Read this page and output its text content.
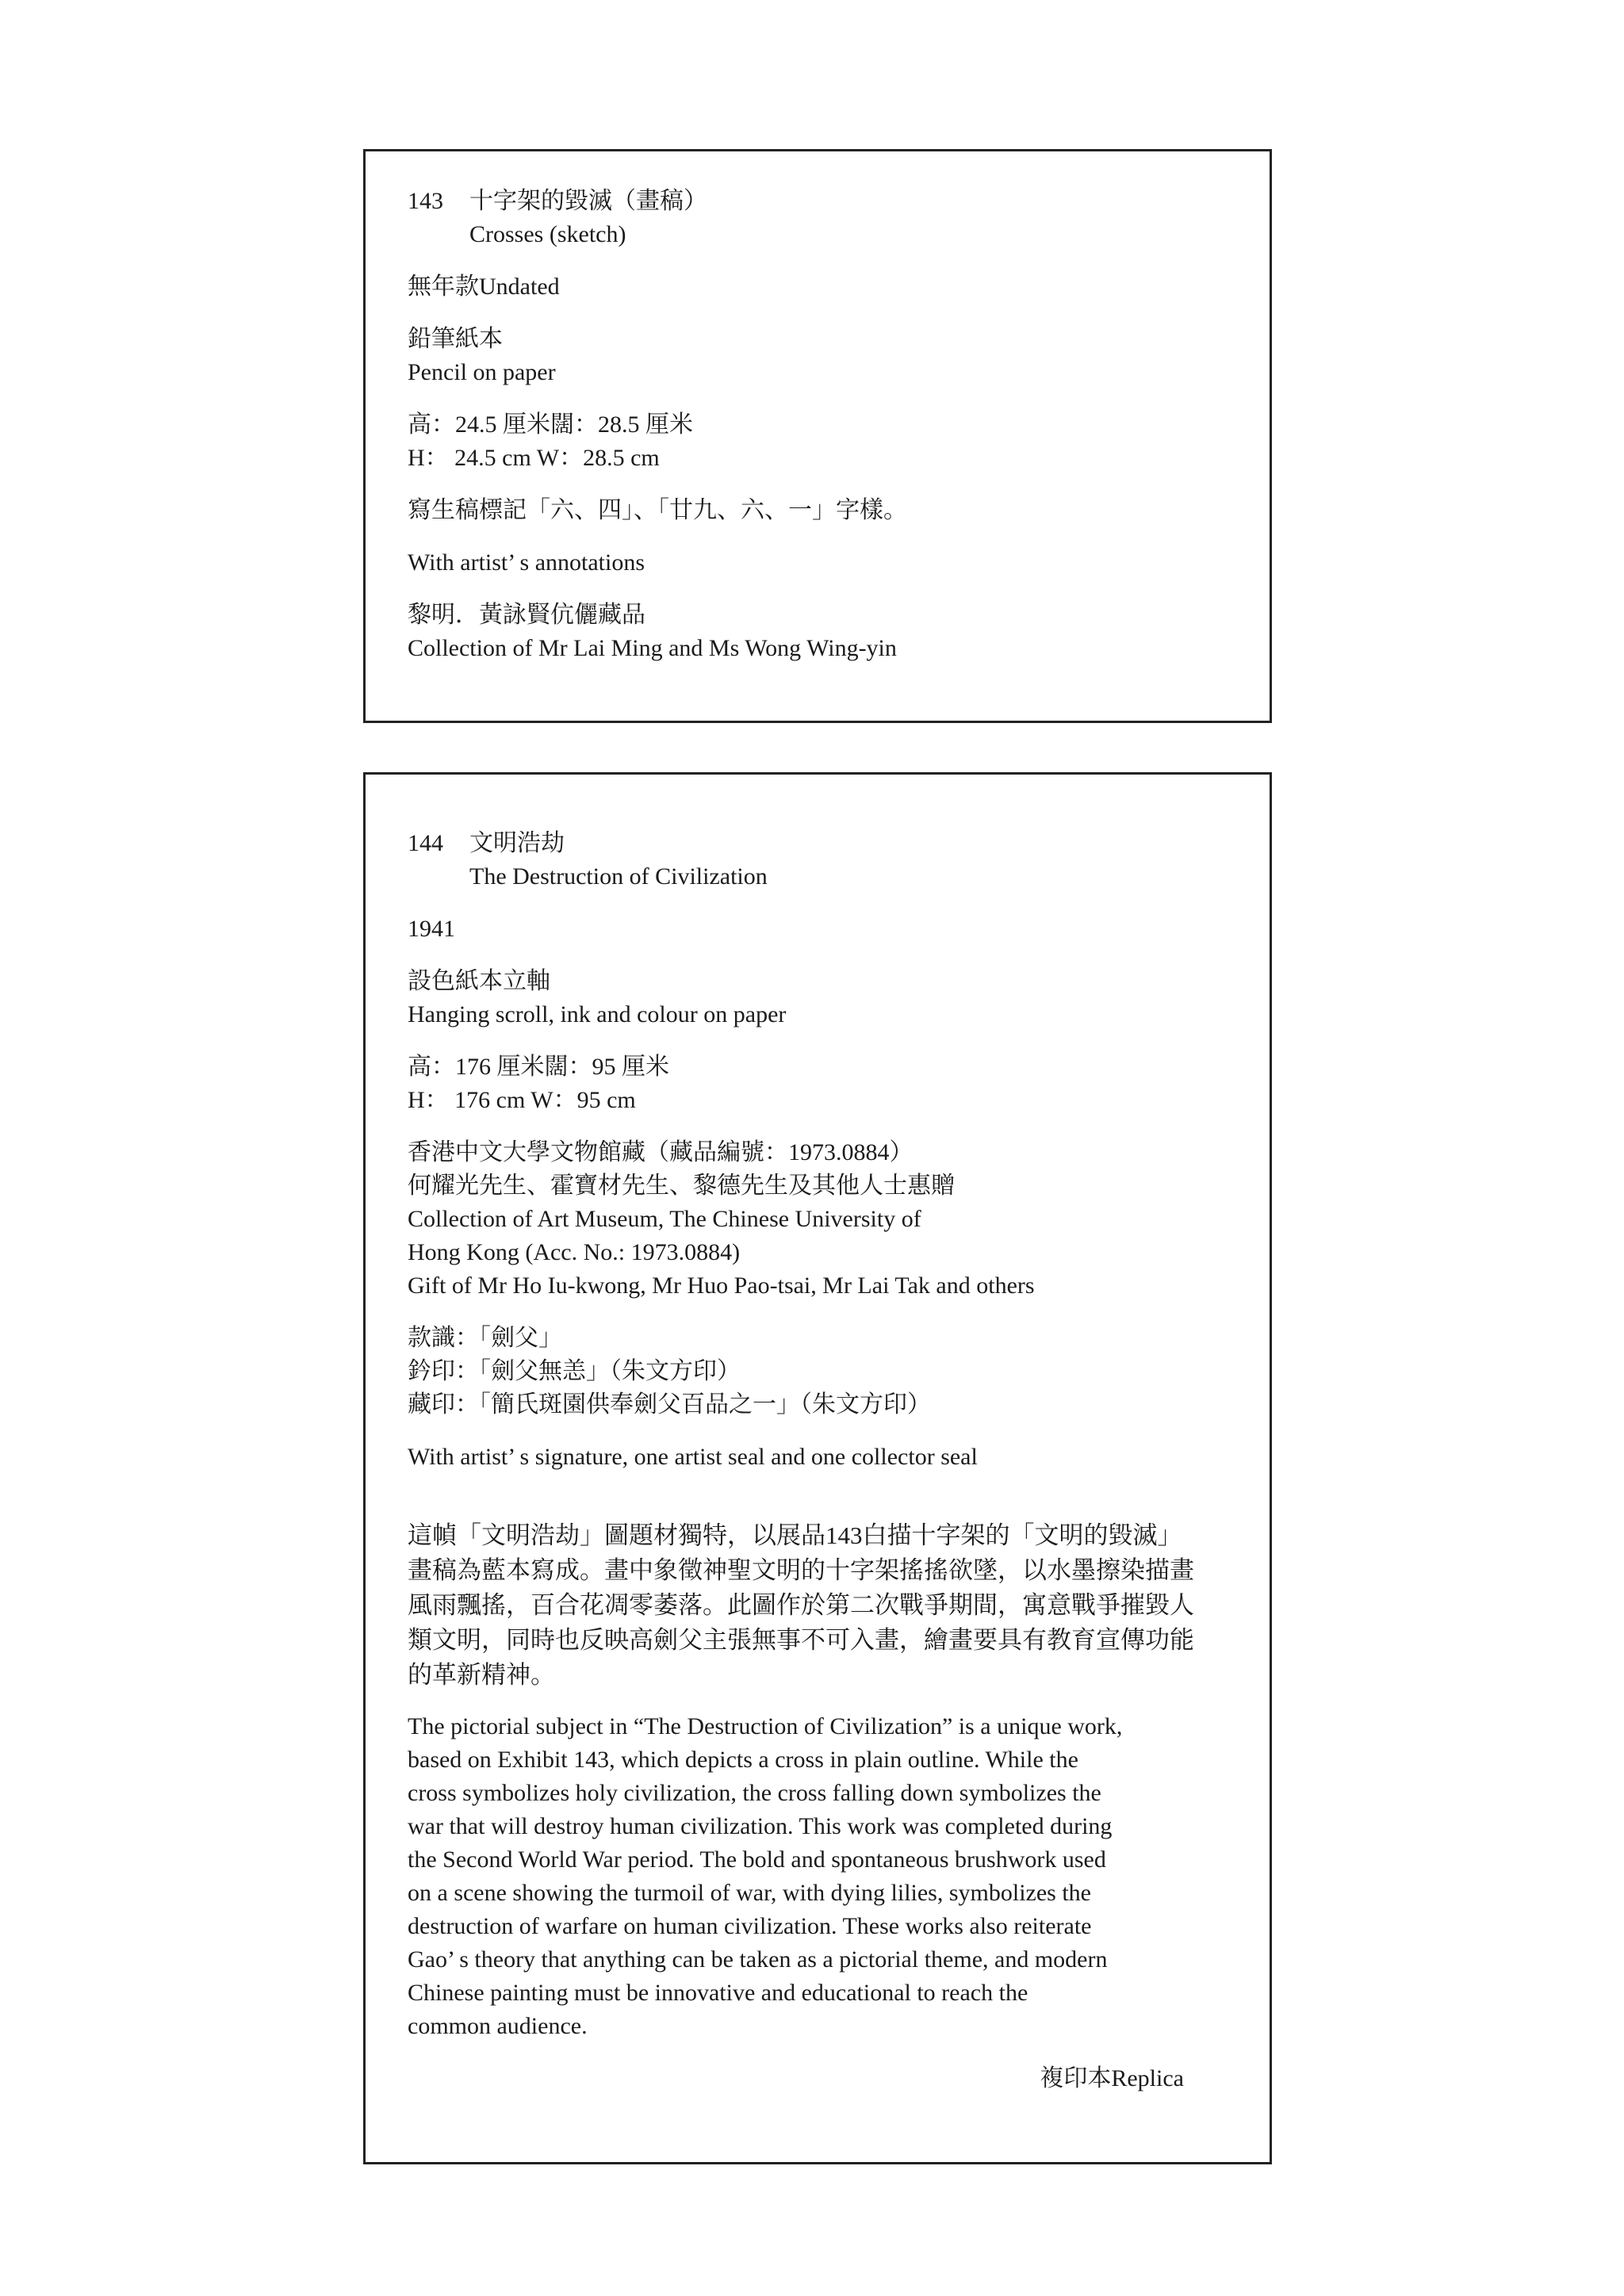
143	十字架的毀滅（畫稿）
Crosses (sketch)
無年款Undated
鉛筆紙本
Pencil on paper
高：24.5 厘米闊：28.5 厘米
H： 24.5 cm W：28.5 cm
寫生稿標記「六、四」、「廿九、六、一」字樣。
With artist’ s annotations
黎明．黃詠賢伉儷藏品
Collection of Mr Lai Ming and Ms Wong Wing-yin
144	文明浩劫
The Destruction of Civilization
1941
設色紙本立軸
Hanging scroll, ink and colour on paper
高：176 厘米闊：95 厘米
H： 176 cm W：95 cm
香港中文大學文物館藏（藏品編號：1973.0884）
何耀光先生、霍寶材先生、黎德先生及其他人士惠贈
Collection of Art Museum, The Chinese University of
Hong Kong (Acc. No.: 1973.0884)
Gift of Mr Ho Iu-kwong, Mr Huo Pao-tsai, Mr Lai Tak and others
款識：「劍父」
鈐印：「劍父無恙」（朱文方印）
藏印：「簡氏斑園供奉劍父百品之一」（朱文方印）
With artist’ s signature, one artist seal and one collector seal
這幀「文明浩劫」圖題材獨特，以展品143白描十字架的「文明的毀滅」
畫稿為藍本寫成。畫中象徵神聖文明的十字架搖搖欲墜，以水墨擦染描畫
風雨飄搖，百合花凋零萎落。此圖作於第二次戰爭期間，寓意戰爭摧毀人
類文明，同時也反映高劍父主張無事不可入畫，繪畫要具有教育宣傳功能
的革新精神。
The pictorial subject in “The Destruction of Civilization” is a unique work,
based on Exhibit 143, which depicts a cross in plain outline. While the
cross symbolizes holy civilization, the cross falling down symbolizes the
war that will destroy human civilization. This work was completed during
the Second World War period. The bold and spontaneous brushwork used
on a scene showing the turmoil of war, with dying lilies, symbolizes the
destruction of warfare on human civilization. These works also reiterate
Gao’ s theory that anything can be taken as a pictorial theme, and modern
Chinese painting must be innovative and educational to reach the
common audience.
複印本Replica
